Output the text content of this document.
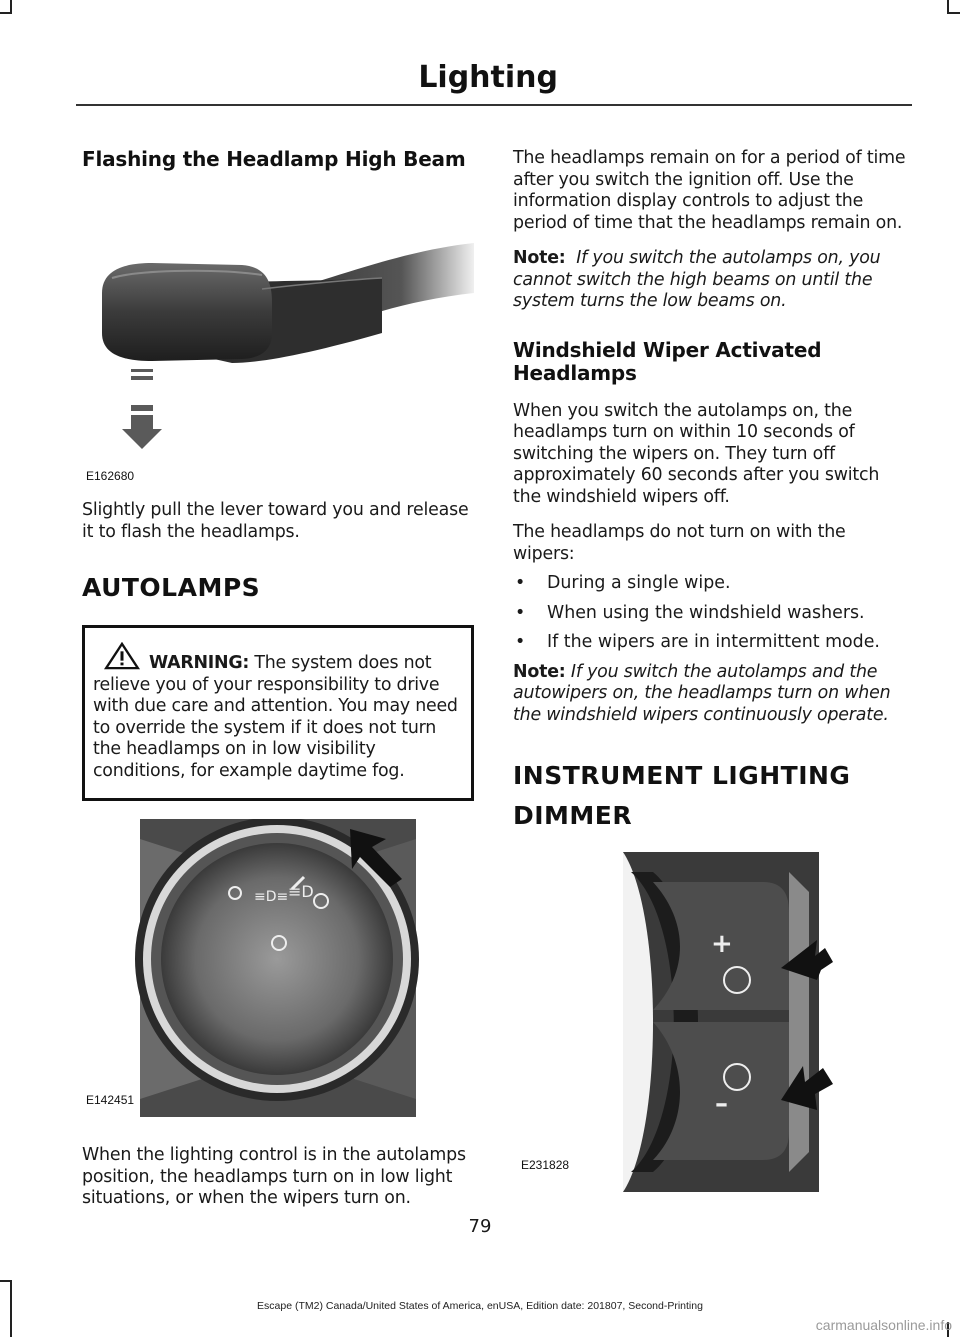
Lighting
Flashing the Headlamp High Beam
E162680

Slightly pull the lever toward you and release it to flash the headlamps.

AUTOLAMPS
WARNING: The system does not relieve you of your responsibility to drive with due care and attention. You may need to override the system if it does not turn the headlamps on in low visibility conditions, for example daytime fog.
≡D≡ ≡D
E142451

When the lighting control is in the autolamps position, the headlamps turn on in low light situations, or when the wipers turn on.

The headlamps remain on for a period of time after you switch the ignition off. Use the information display controls to adjust the period of time that the headlamps remain on.

Note: If you switch the autolamps on, you cannot switch the high beams on until the system turns the low beams on.

Windshield Wiper Activated Headlamps

When you switch the autolamps on, the headlamps turn on within 10 seconds of switching the wipers on. They turn off approximately 60 seconds after you switch the windshield wipers off.

The headlamps do not turn on with the wipers:

• During a single wipe.
• When using the windshield washers.
• If the wipers are in intermittent mode.

Note: If you switch the autolamps and the autowipers on, the headlamps turn on when the windshield wipers continuously operate.

INSTRUMENT LIGHTING
DIMMER
+
–
E231828
79
Escape (TM2) Canada/United States of America, enUSA, Edition date: 201807, Second-Printing
carmanualsonline.info
